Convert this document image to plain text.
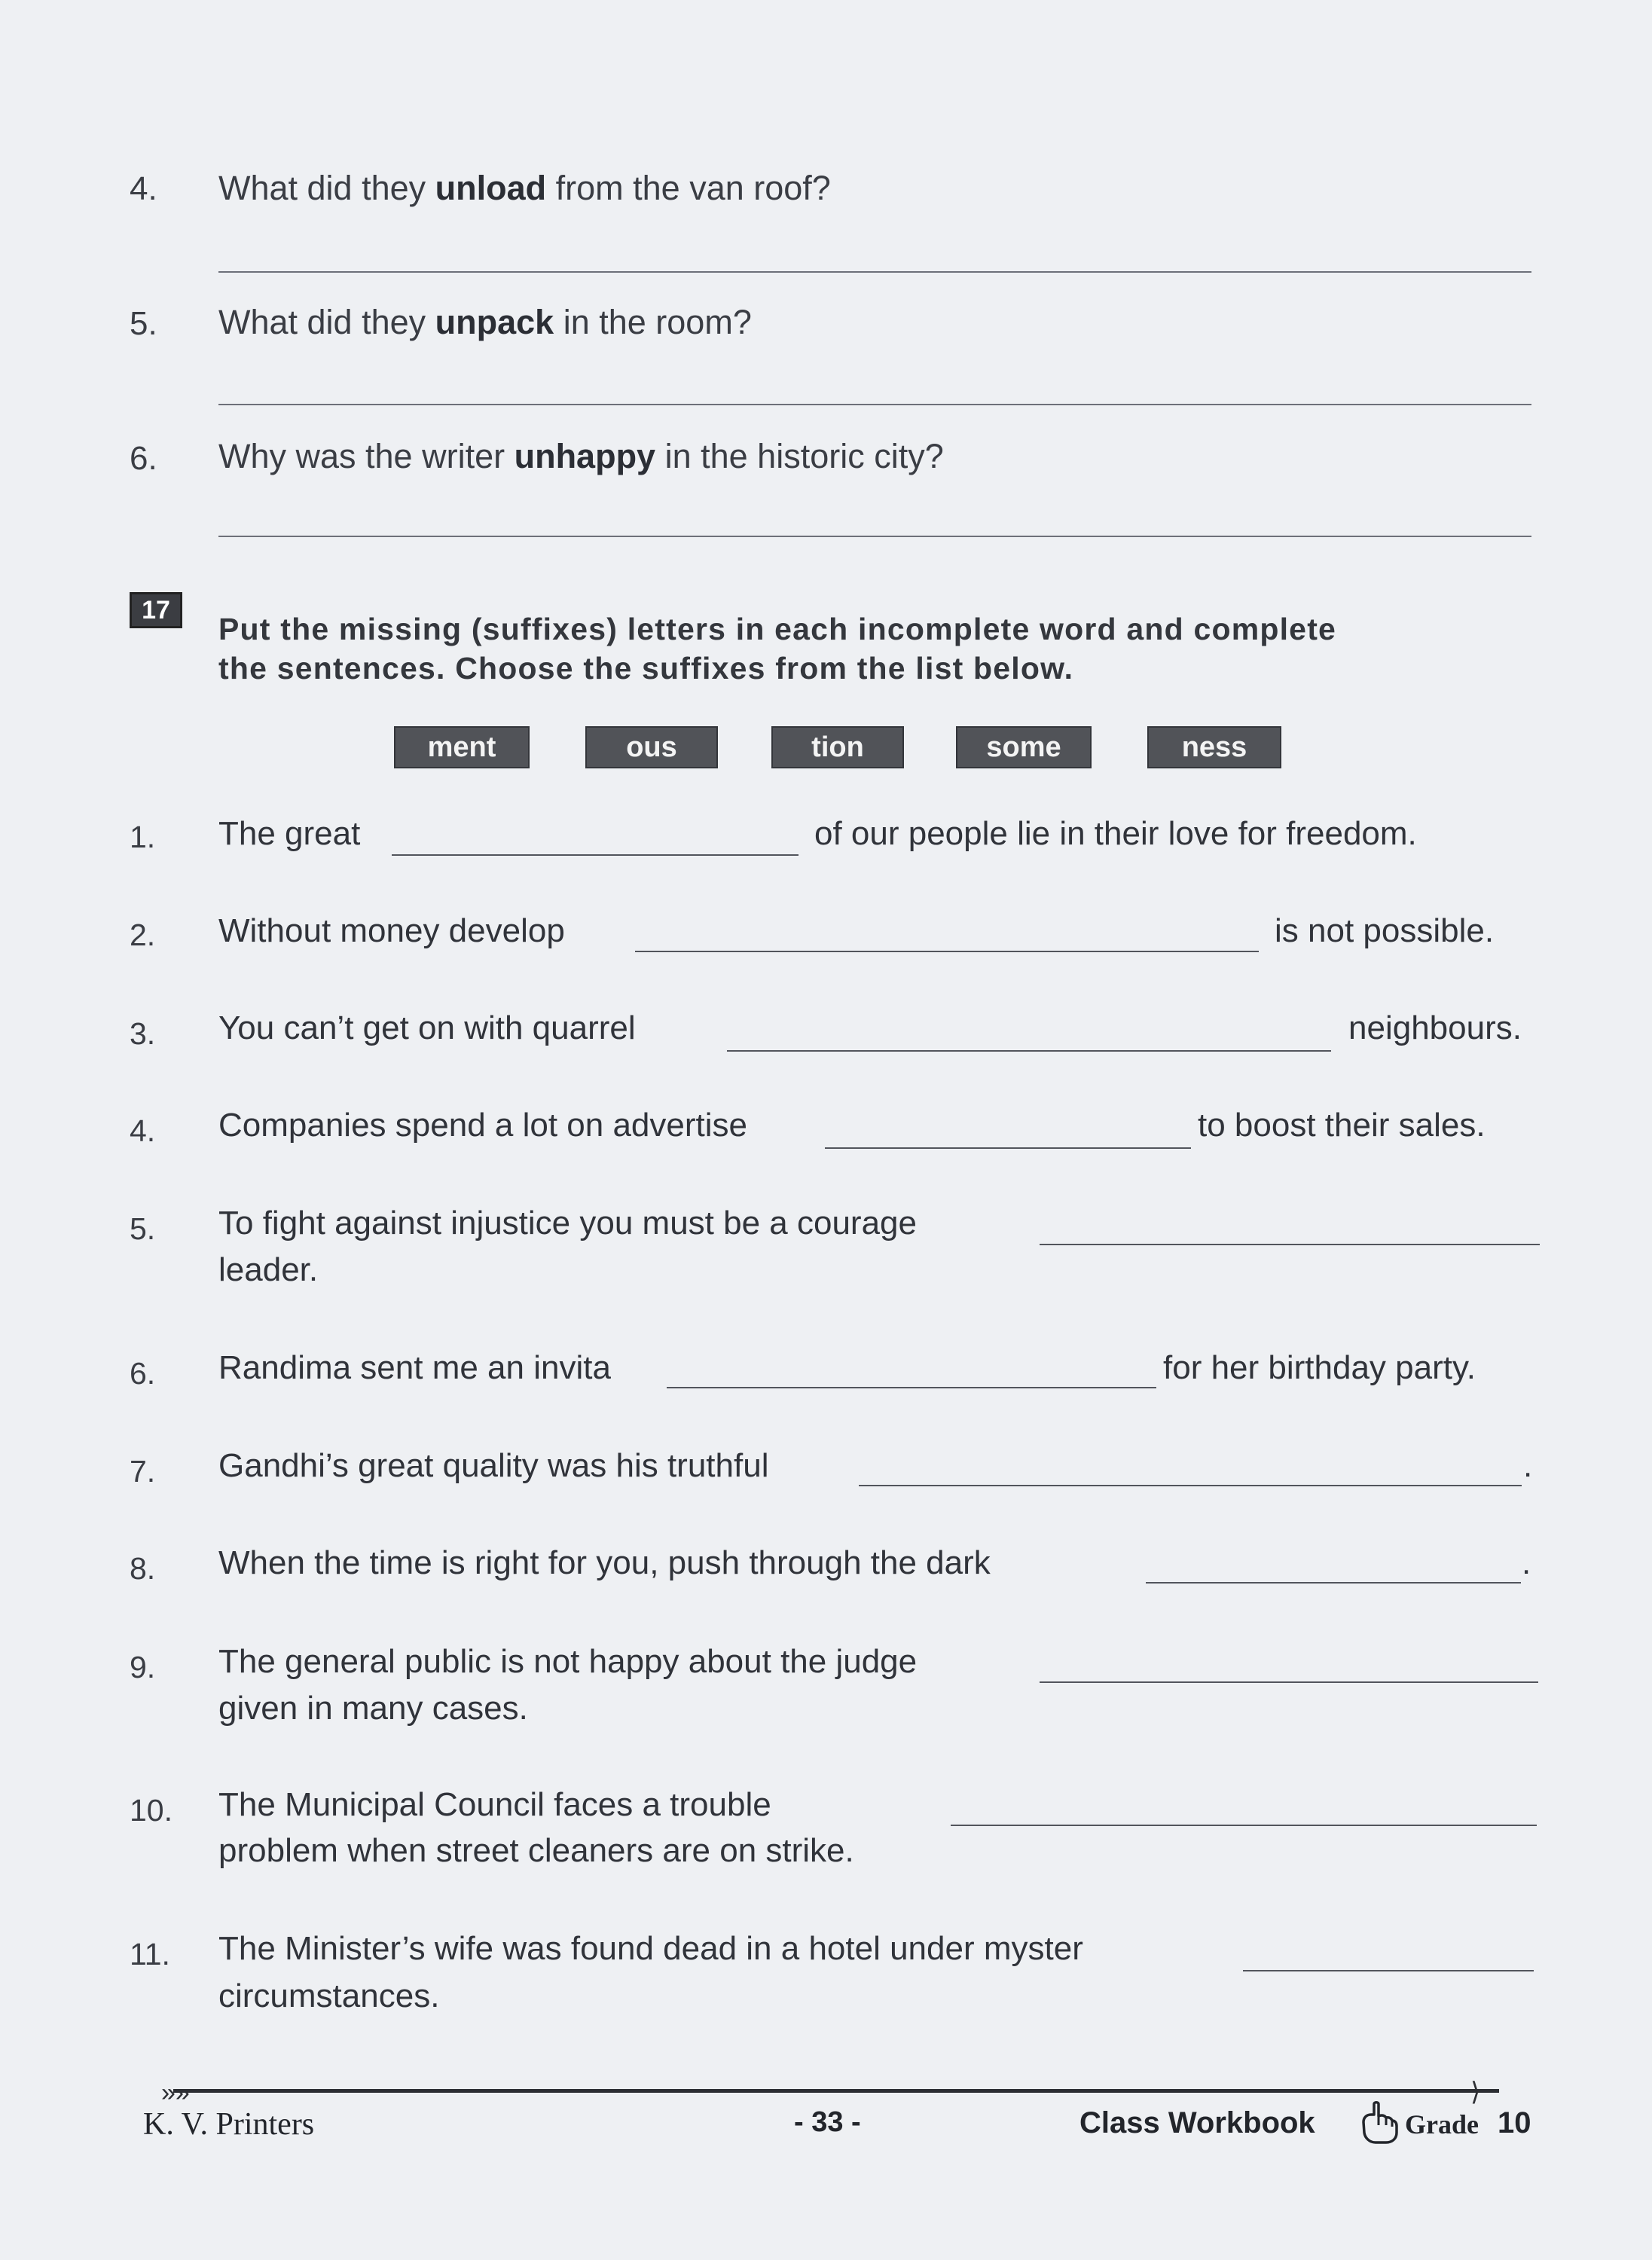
4. What did they unload from the van roof?
5. What did they unpack in the room?
6. Why was the writer unhappy in the historic city?
17
Put the missing (suffixes) letters in each incomplete word and complete
the sentences. Choose the suffixes from the list below.
ment	ous	tion	some	ness
1. The great	of our people lie in their love for freedom.
2. Without money develop	is not possible.
3. You can’t get on with quarrel	neighbours.
4. Companies spend a lot on advertise	to boost their sales.
5. To fight against injustice you must be a courage
leader.
6. Randima sent me an invita	for her birthday party.
7. Gandhi’s great quality was his truthful	.
8. When the time is right for you, push through the dark	.
9. The general public is not happy about the judge
given in many cases.
10. The Municipal Council faces a trouble
problem when street cleaners are on strike.
11. The Minister’s wife was found dead in a hotel under myster
circumstances.
»»	⟩
K. V. Printers	- 33 -	Class Workbook	Grade 10
